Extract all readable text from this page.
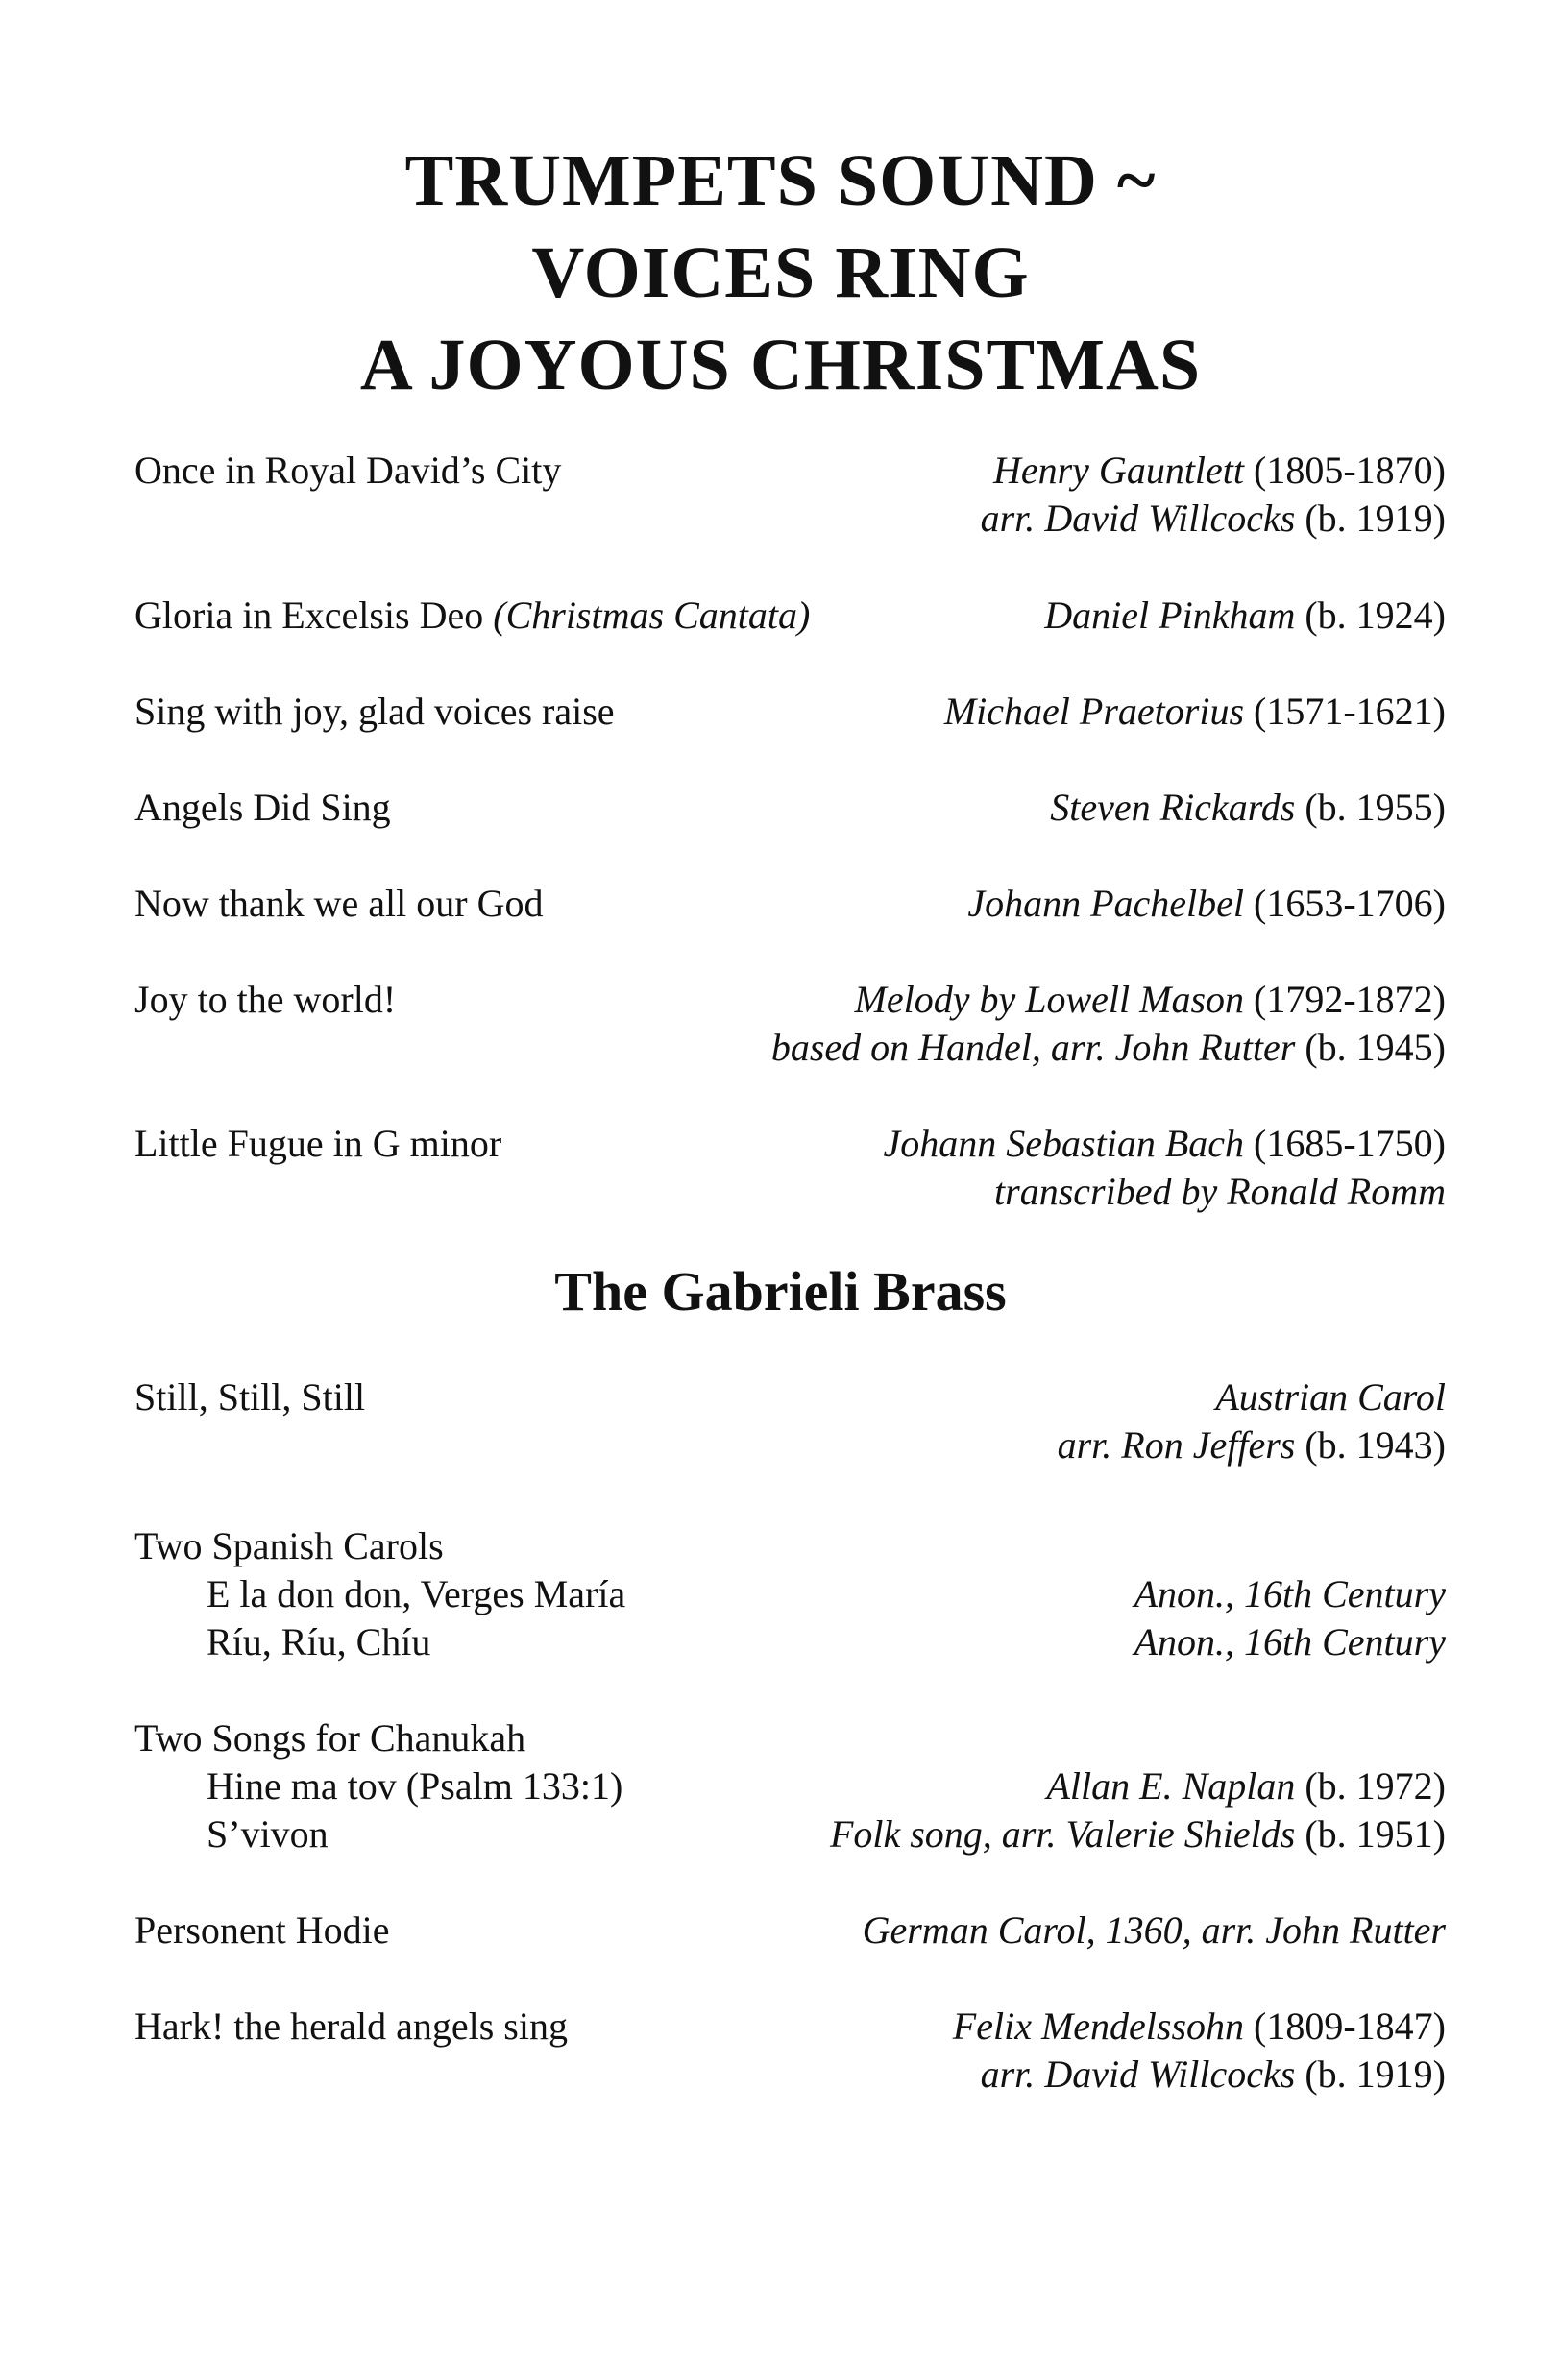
TRUMPETS SOUND ~
VOICES RING
A JOYOUS CHRISTMAS
Once in Royal David’s City	Henry Gauntlett (1805-1870)
arr. David Willcocks (b. 1919)
Gloria in Excelsis Deo (Christmas Cantata)	Daniel Pinkham (b. 1924)
Sing with joy, glad voices raise	Michael Praetorius (1571-1621)
Angels Did Sing	Steven Rickards (b. 1955)
Now thank we all our God	Johann Pachelbel (1653-1706)
Joy to the world!	Melody by Lowell Mason (1792-1872)
based on Handel, arr. John Rutter (b. 1945)
Little Fugue in G minor	Johann Sebastian Bach (1685-1750)
transcribed by Ronald Romm
The Gabrieli Brass
Still, Still, Still	Austrian Carol
arr. Ron Jeffers (b. 1943)
Two Spanish Carols
E la don don, Verges María	Anon., 16th Century
Ríu, Ríu, Chíu	Anon., 16th Century
Two Songs for Chanukah
Hine ma tov (Psalm 133:1)	Allan E. Naplan (b. 1972)
S’vivon	Folk song, arr. Valerie Shields (b. 1951)
Personent Hodie	German Carol, 1360, arr. John Rutter
Hark! the herald angels sing	Felix Mendelssohn (1809-1847)
arr. David Willcocks (b. 1919)
